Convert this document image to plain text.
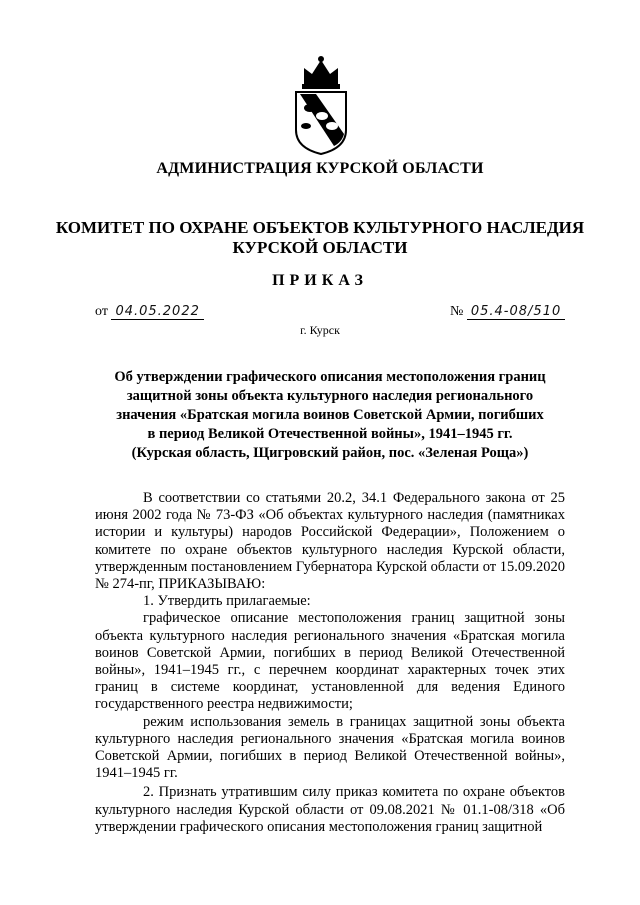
АДМИНИСТРАЦИЯ КУРСКОЙ ОБЛАСТИ
КОМИТЕТ ПО ОХРАНЕ ОБЪЕКТОВ КУЛЬТУРНОГО НАСЛЕДИЯ
КУРСКОЙ ОБЛАСТИ
ПРИКАЗ
от 04.05.2022	№ 05.4-08/510
г. Курск
Об утверждении графического описания местоположения границ
защитной зоны объекта культурного наследия регионального
значения «Братская могила воинов Советской Армии, погибших
в период Великой Отечественной войны», 1941–1945 гг.
(Курская область, Щигровский район, пос. «Зеленая Роща»)

В соответствии со статьями 20.2, 34.1 Федерального закона от 25 июня 2002 года № 73-ФЗ «Об объектах культурного наследия (памятниках истории и культуры) народов Российской Федерации», Положением о комитете по охране объектов культурного наследия Курской области, утвержденным постановлением Губернатора Курской области от 15.09.2020 № 274-пг, ПРИКАЗЫВАЮ:

1. Утвердить прилагаемые:

графическое описание местоположения границ защитной зоны объекта культурного наследия регионального значения «Братская могила воинов Советской Армии, погибших в период Великой Отечественной войны», 1941–1945 гг., с перечнем координат характерных точек этих границ в системе координат, установленной для ведения Единого государственного реестра недвижимости;

режим использования земель в границах защитной зоны объекта культурного наследия регионального значения «Братская могила воинов Советской Армии, погибших в период Великой Отечественной войны», 1941–1945 гг.

2. Признать утратившим силу приказ комитета по охране объектов культурного наследия Курской области от 09.08.2021 № 01.1-08/318 «Об утверждении графического описания местоположения границ защитной
